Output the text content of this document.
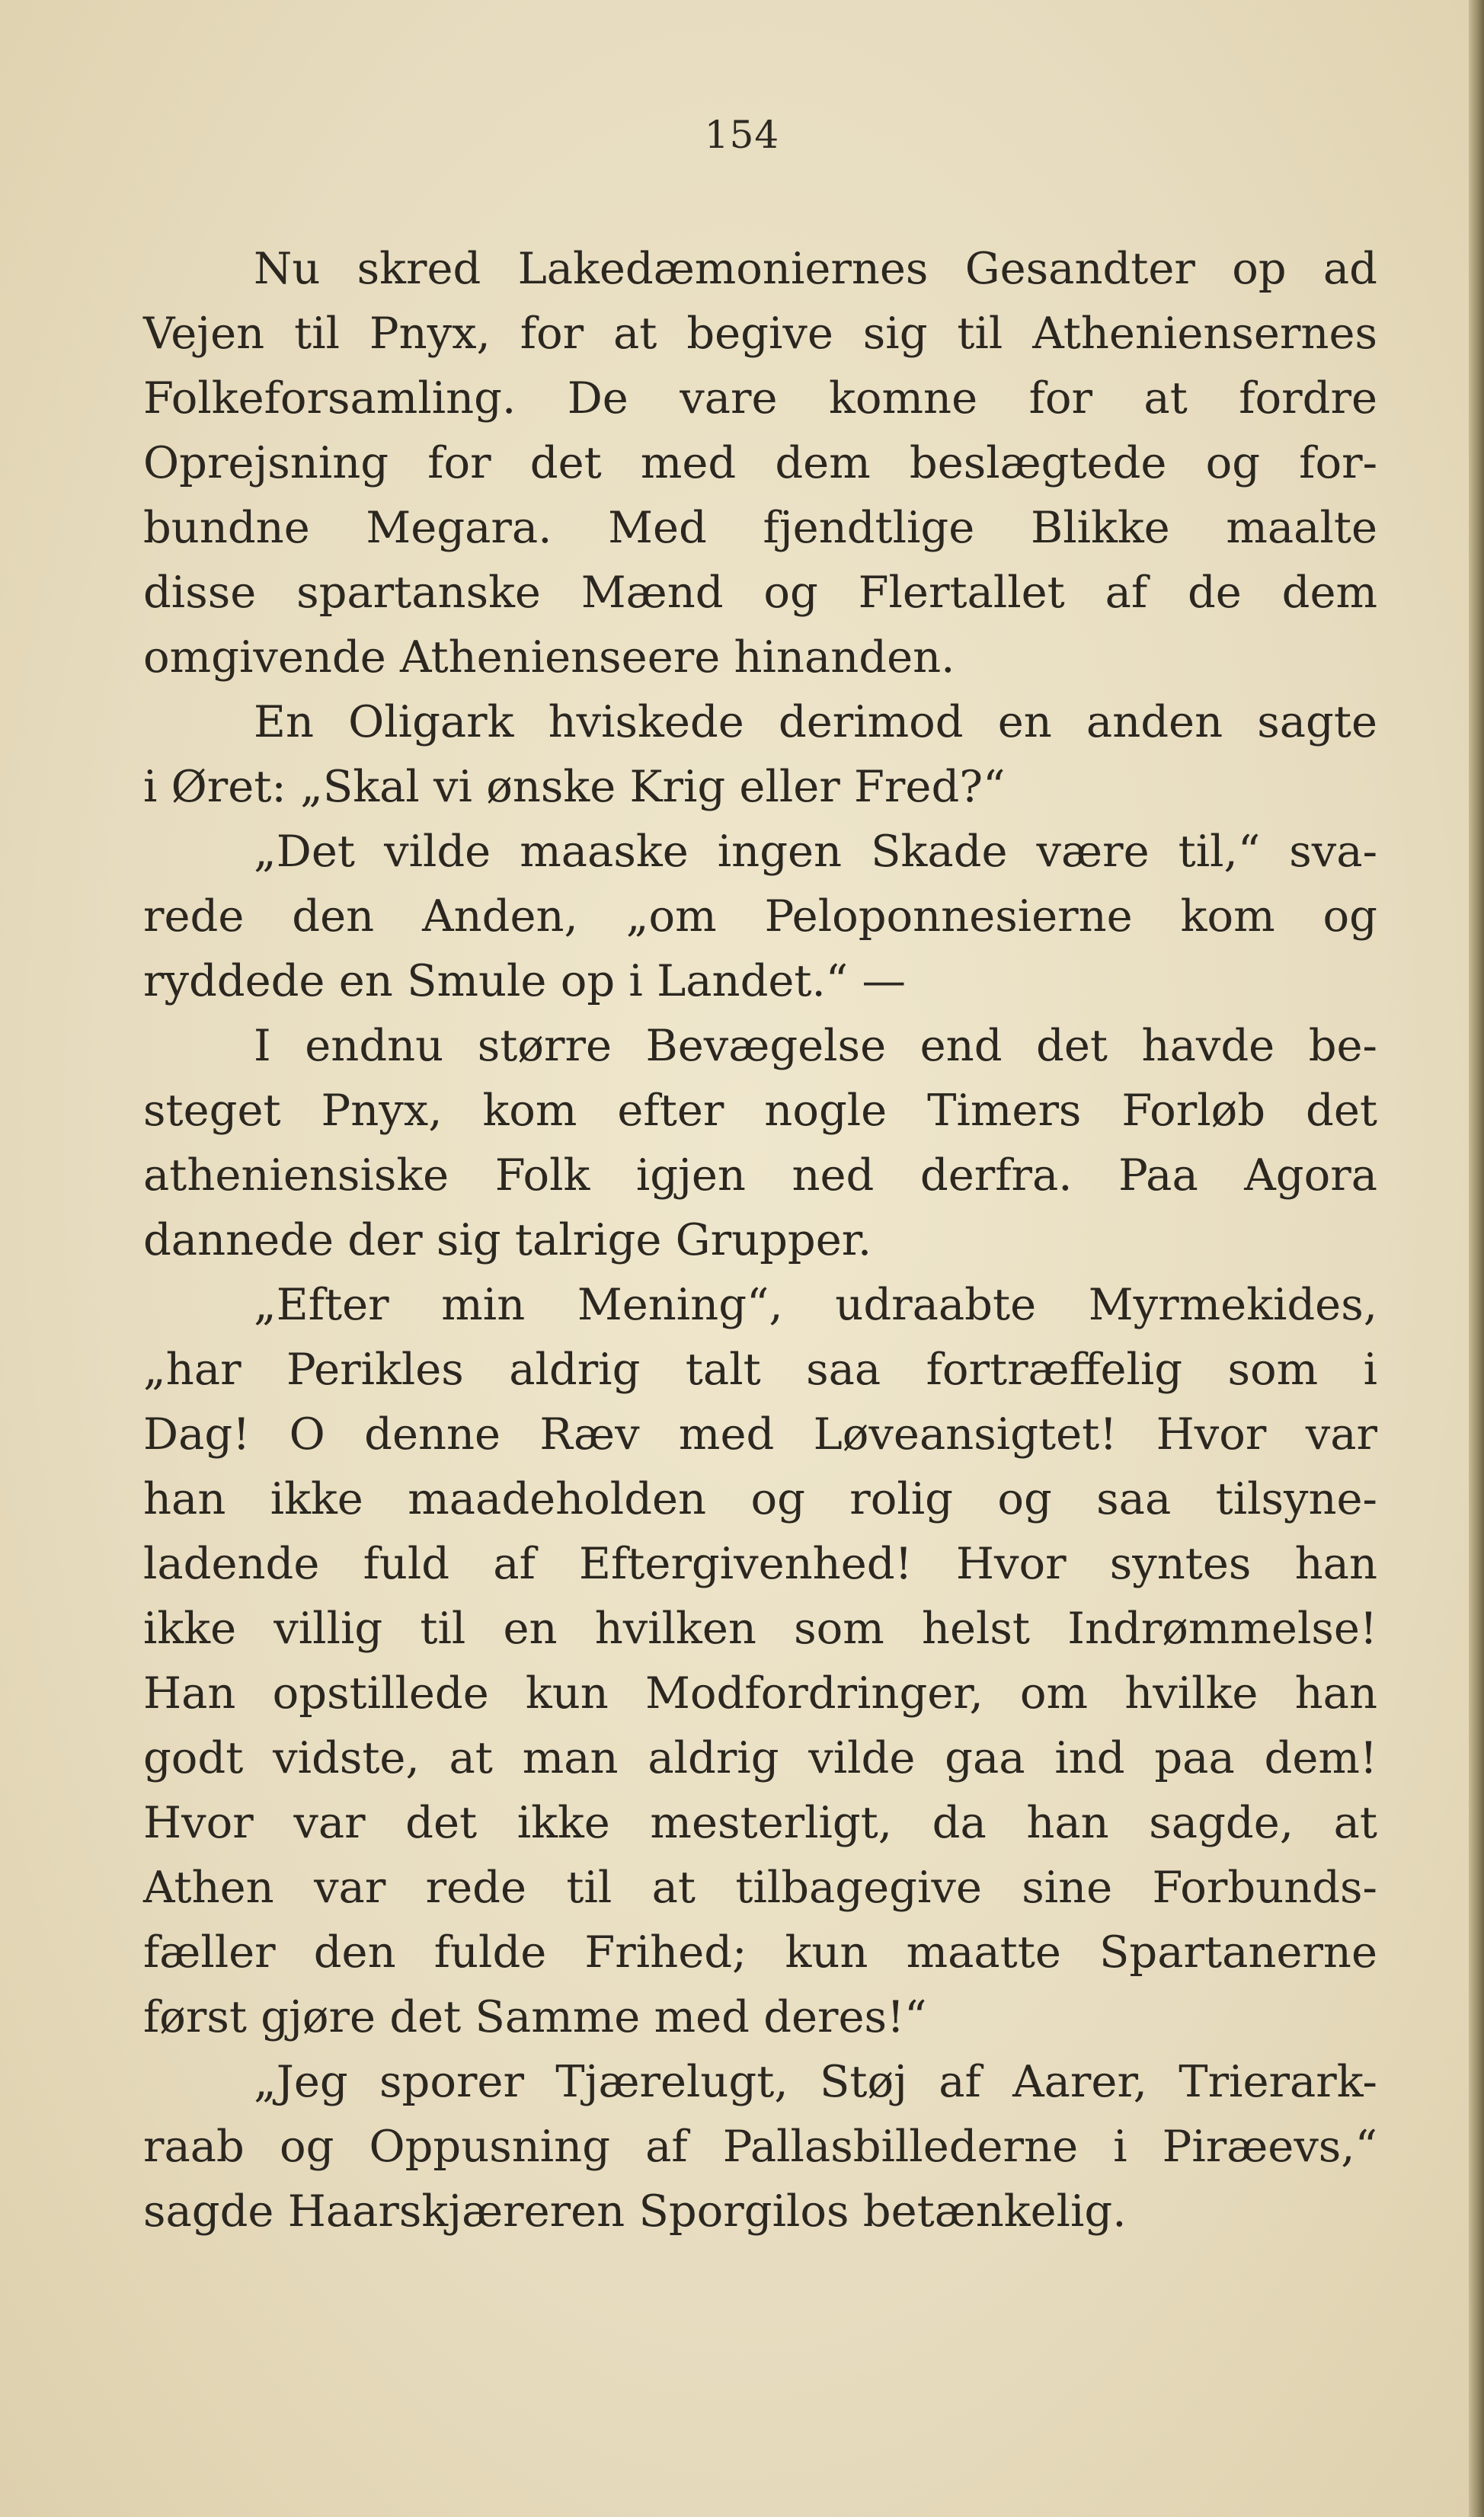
154
Nu skred Lakedæmoniernes Gesandter op ad
Vejen til Pnyx, for at begive sig til Atheniensernes
Folkeforsamling. De vare komne for at fordre
Oprejsning for det med dem beslægtede og for-
bundne Megara. Med fjendtlige Blikke maalte
disse spartanske Mænd og Flertallet af de dem
omgivende Athenienseere hinanden.
En Oligark hviskede derimod en anden sagte
i Øret: „Skal vi ønske Krig eller Fred?“
„Det vilde maaske ingen Skade være til,“ sva-
rede den Anden, „om Peloponnesierne kom og
ryddede en Smule op i Landet.“ —
I endnu større Bevægelse end det havde be-
steget Pnyx, kom efter nogle Timers Forløb det
atheniensiske Folk igjen ned derfra. Paa Agora
dannede der sig talrige Grupper.
„Efter min Mening“, udraabte Myrmekides,
„har Perikles aldrig talt saa fortræffelig som i
Dag! O denne Ræv med Løveansigtet! Hvor var
han ikke maadeholden og rolig og saa tilsyne-
ladende fuld af Eftergivenhed! Hvor syntes han
ikke villig til en hvilken som helst Indrømmelse!
Han opstillede kun Modfordringer, om hvilke han
godt vidste, at man aldrig vilde gaa ind paa dem!
Hvor var det ikke mesterligt, da han sagde, at
Athen var rede til at tilbagegive sine Forbunds-
fæller den fulde Frihed; kun maatte Spartanerne
først gjøre det Samme med deres!“
„Jeg sporer Tjærelugt, Støj af Aarer, Trierark-
raab og Oppusning af Pallasbillederne i Piræevs,“
sagde Haarskjæreren Sporgilos betænkelig.
